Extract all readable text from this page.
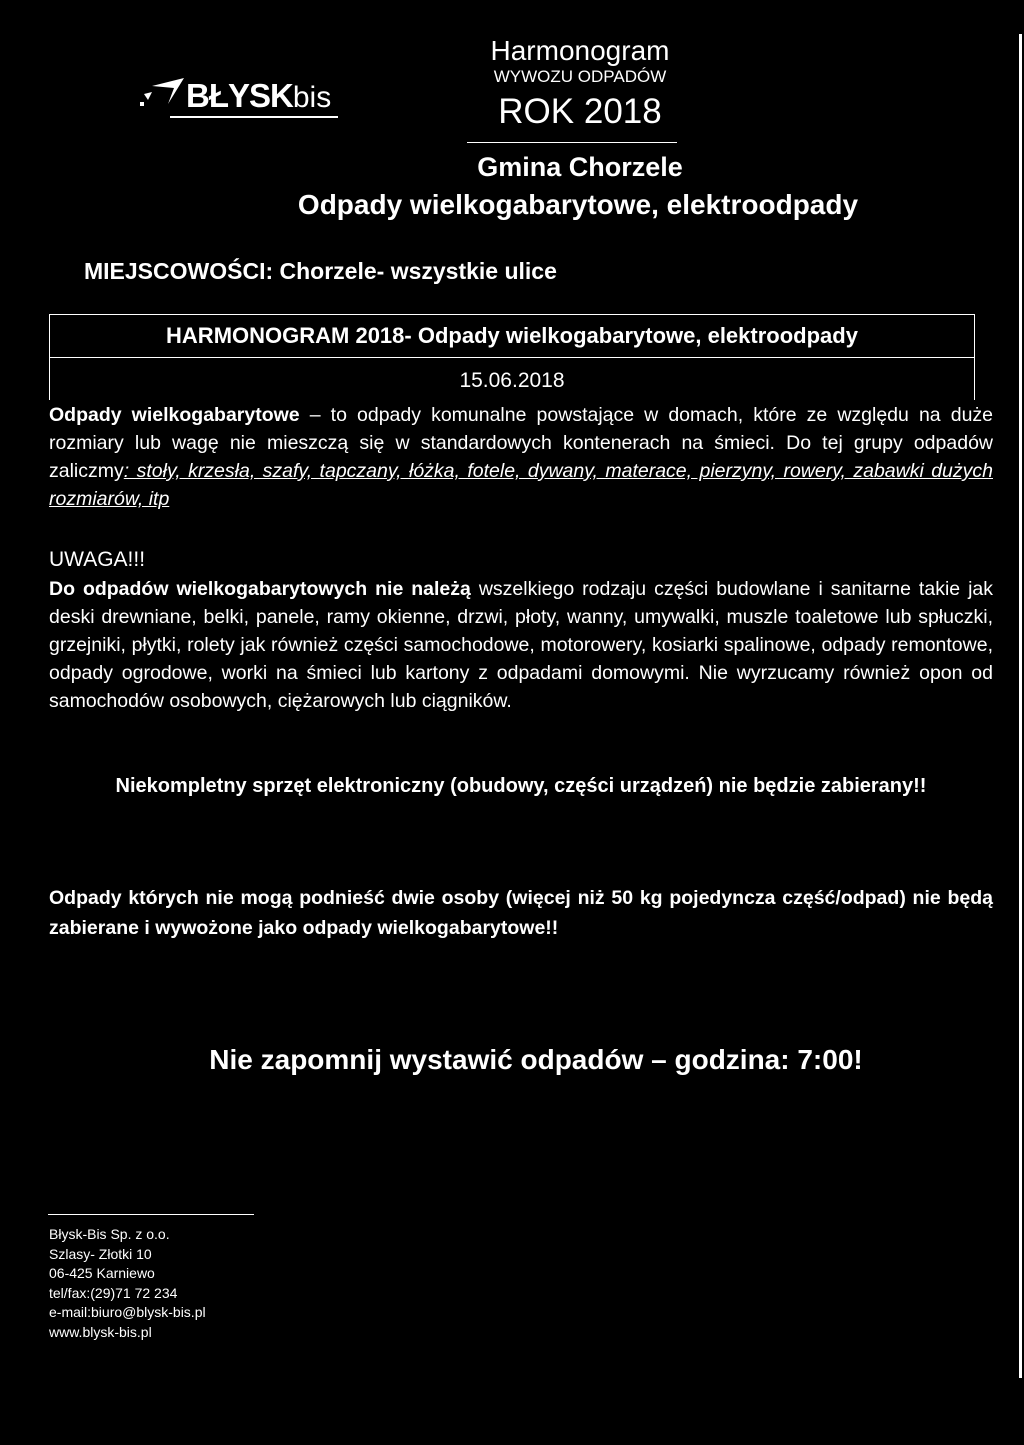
BŁYSKbis
Harmonogram
WYWOZU ODPADÓW
ROK 2018
Gmina Chorzele
Odpady wielkogabarytowe, elektroodpady
MIEJSCOWOŚCI: Chorzele- wszystkie ulice
HARMONOGRAM 2018- Odpady wielkogabarytowe, elektroodpady
15.06.2018
Odpady wielkogabarytowe – to odpady komunalne powstające w domach, które ze względu na duże rozmiary lub wagę nie mieszczą się w standardowych kontenerach na śmieci. Do tej grupy odpadów zaliczmy: stoły, krzesła, szafy, tapczany, łóżka, fotele, dywany, materace, pierzyny, rowery, zabawki dużych rozmiarów, itp
UWAGA!!!
Do odpadów wielkogabarytowych nie należą wszelkiego rodzaju części budowlane i sanitarne takie jak deski drewniane, belki, panele, ramy okienne, drzwi, płoty, wanny, umywalki, muszle toaletowe lub spłuczki, grzejniki, płytki, rolety jak również części samochodowe, motorowery, kosiarki spalinowe, odpady remontowe, odpady ogrodowe, worki na śmieci lub kartony z odpadami domowymi. Nie wyrzucamy również opon od samochodów osobowych, ciężarowych lub ciągników.
Niekompletny sprzęt elektroniczny (obudowy, części urządzeń) nie będzie zabierany!!
Odpady których nie mogą podnieść dwie osoby (więcej niż 50 kg pojedyncza część/odpad) nie będą zabierane i wywożone jako odpady wielkogabarytowe!!
Nie zapomnij wystawić odpadów – godzina: 7:00!
Błysk-Bis Sp. z o.o.
Szlasy- Złotki 10
06-425 Karniewo
tel/fax:(29)71 72 234
e-mail:biuro@blysk-bis.pl
www.blysk-bis.pl
